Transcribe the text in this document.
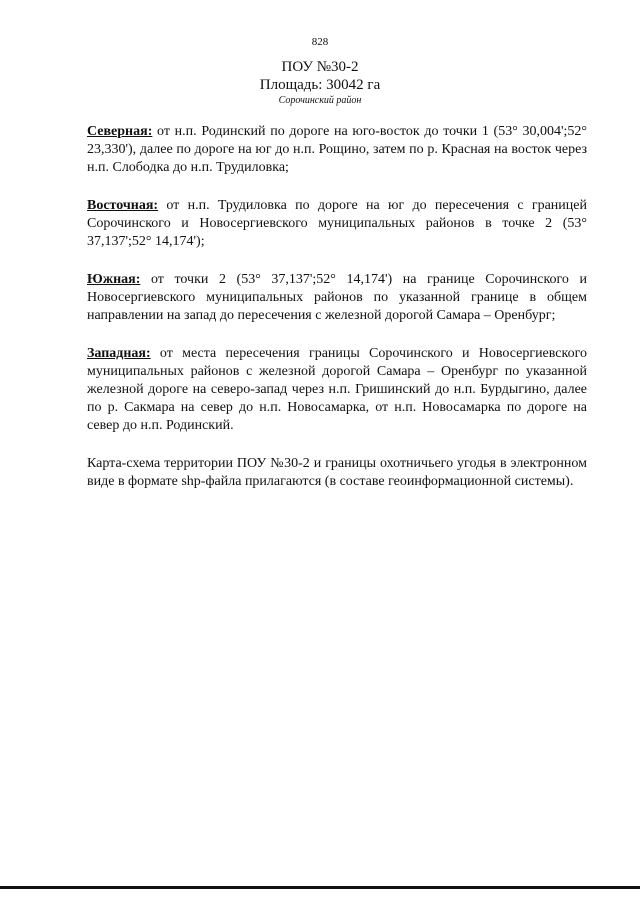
828
ПОУ №30-2
Площадь: 30042 га
Сорочинский район

Северная: от н.п. Родинский по дороге на юго-восток до точки 1 (53° 30,004';52° 23,330'), далее по дороге на юг до н.п. Рощино, затем по р. Красная на восток через н.п. Слободка до н.п. Трудиловка;

Восточная: от н.п. Трудиловка по дороге на юг до пересечения с границей Сорочинского и Новосергиевского муниципальных районов в точке 2 (53° 37,137';52° 14,174');

Южная: от точки 2 (53° 37,137';52° 14,174') на границе Сорочинского и Новосергиевского муниципальных районов по указанной границе в общем направлении на запад до пересечения с железной дорогой Самара – Оренбург;

Западная: от места пересечения границы Сорочинского и Новосергиевского муниципальных районов с железной дорогой Самара – Оренбург по указанной железной дороге на северо-запад через н.п. Гришинский до н.п. Бурдыгино, далее по р. Сакмара на север до н.п. Новосамарка, от н.п. Новосамарка по дороге на север до н.п. Родинский.

Карта-схема территории ПОУ №30-2 и границы охотничьего угодья в электронном виде в формате shp-файла прилагаются (в составе геоинформационной системы).
